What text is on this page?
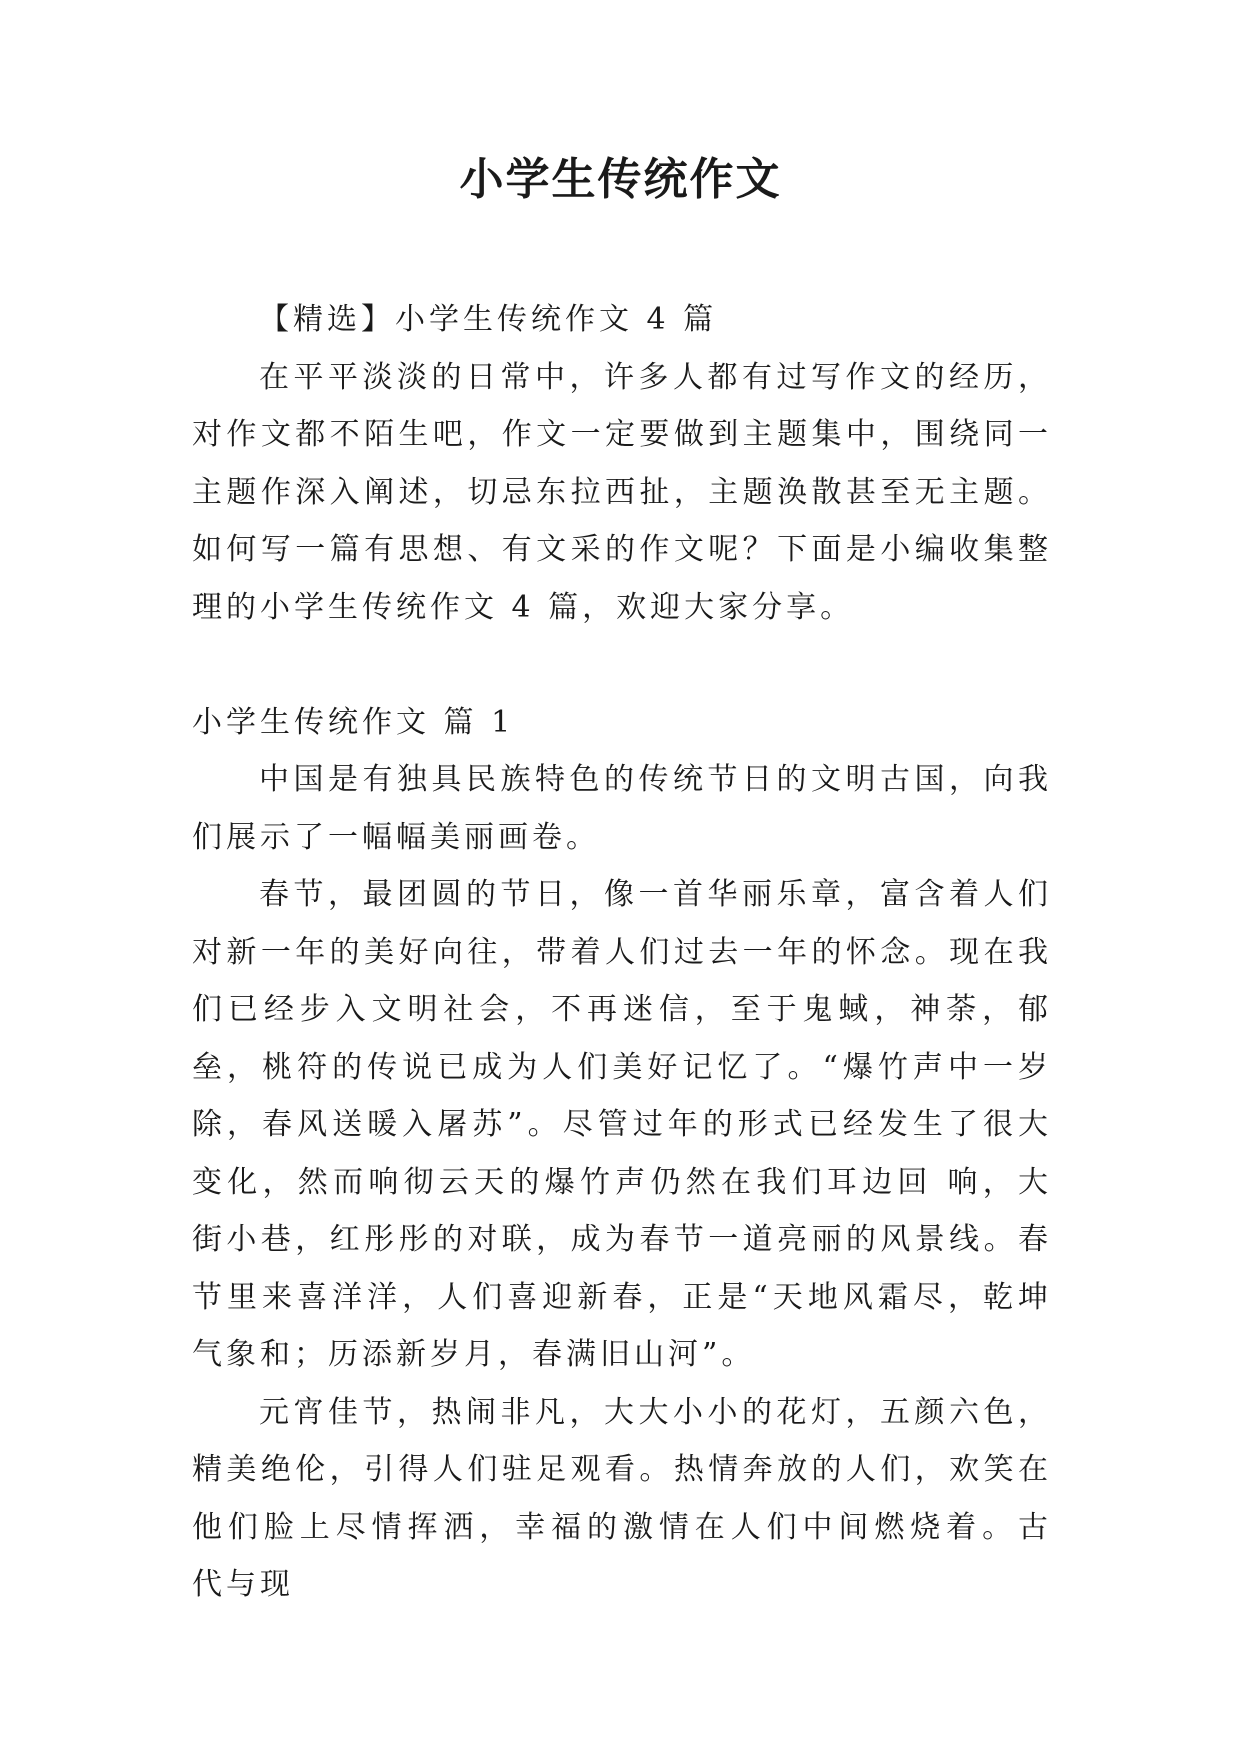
小学生传统作文

【精选】小学生传统作文 4 篇

在平平淡淡的日常中，许多人都有过写作文的经历，对作文都不陌生吧，作文一定要做到主题集中，围绕同一主题作深入阐述，切忌东拉西扯，主题涣散甚至无主题。如何写一篇有思想、有文采的作文呢？下面是小编收集整理的小学生传统作文 4 篇，欢迎大家分享。

小学生传统作文 篇 1

中国是有独具民族特色的传统节日的文明古国，向我们展示了一幅幅美丽画卷。

春节，最团圆的节日，像一首华丽乐章，富含着人们对新一年的美好向往，带着人们过去一年的怀念。现在我们已经步入文明社会，不再迷信，至于鬼蜮，神荼，郁 垒，桃符的传说已成为人们美好记忆了。“爆竹声中一岁除，春风送暖入屠苏”。尽管过年的形式已经发生了很大变化，然而响彻云天的爆竹声仍然在我们耳边回 响，大街小巷，红彤彤的对联，成为春节一道亮丽的风景线。春节里来喜洋洋，人们喜迎新春，正是“天地风霜尽，乾坤气象和；历添新岁月，春满旧山河”。

元宵佳节，热闹非凡，大大小小的花灯，五颜六色，精美绝伦，引得人们驻足观看。热情奔放的人们，欢笑在他们脸上尽情挥洒，幸福的激情在人们中间燃烧着。古 代与现
